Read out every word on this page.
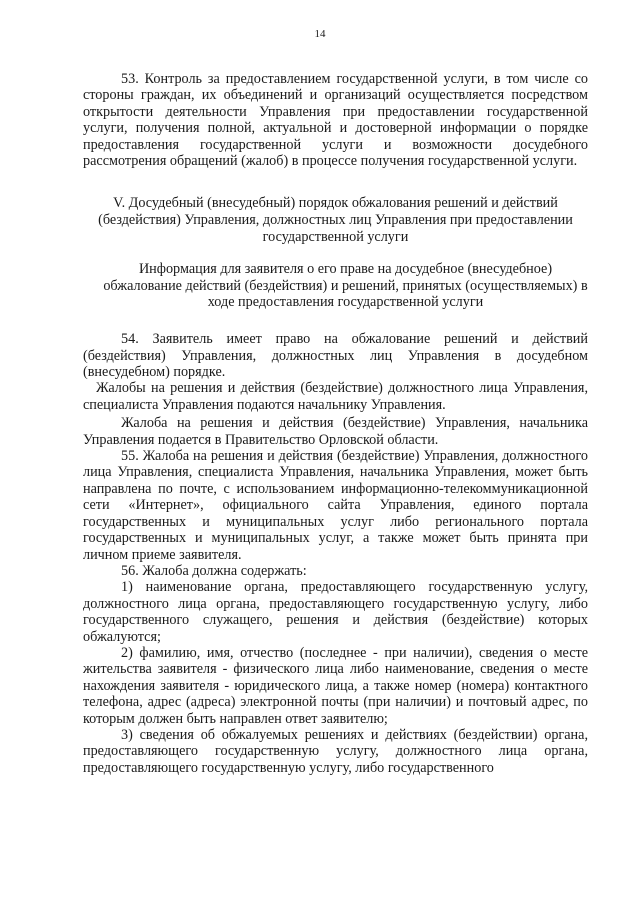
14

53. Контроль за предоставлением государственной услуги, в том числе со стороны граждан, их объединений и организаций осуществляется посредством открытости деятельности Управления при предоставлении государственной услуги, получения полной, актуальной и достоверной информации о порядке предоставления государственной услуги и возможности досудебного рассмотрения обращений (жалоб) в процессе получения государственной услуги.

V. Досудебный (внесудебный) порядок обжалования решений и действий (бездействия) Управления, должностных лиц Управления при предоставлении государственной услуги

Информация для заявителя о его праве на досудебное (внесудебное) обжалование действий (бездействия) и решений, принятых (осуществляемых) в ходе предоставления государственной услуги

54. Заявитель имеет право на обжалование решений и действий (бездействия) Управления, должностных лиц Управления в досудебном (внесудебном) порядке.

Жалобы на решения и действия (бездействие) должностного лица Управления, специалиста Управления подаются начальнику Управления.

Жалоба на решения и действия (бездействие) Управления, начальника Управления подается в Правительство Орловской области.

55. Жалоба на решения и действия (бездействие) Управления, должностного лица Управления, специалиста Управления, начальника Управления, может быть направлена по почте, с использованием информационно-телекоммуникационной сети «Интернет», официального сайта Управления, единого портала государственных и муниципальных услуг либо регионального портала государственных и муниципальных услуг, а также может быть принята при личном приеме заявителя.

56. Жалоба должна содержать:

1) наименование органа, предоставляющего государственную услугу, должностного лица органа, предоставляющего государственную услугу, либо государственного служащего, решения и действия (бездействие) которых обжалуются;

2) фамилию, имя, отчество (последнее - при наличии), сведения о месте жительства заявителя - физического лица либо наименование, сведения о месте нахождения заявителя - юридического лица, а также номер (номера) контактного телефона, адрес (адреса) электронной почты (при наличии) и почтовый адрес, по которым должен быть направлен ответ заявителю;

3) сведения об обжалуемых решениях и действиях (бездействии) органа, предоставляющего государственную услугу, должностного лица органа, предоставляющего государственную услугу, либо государственного
